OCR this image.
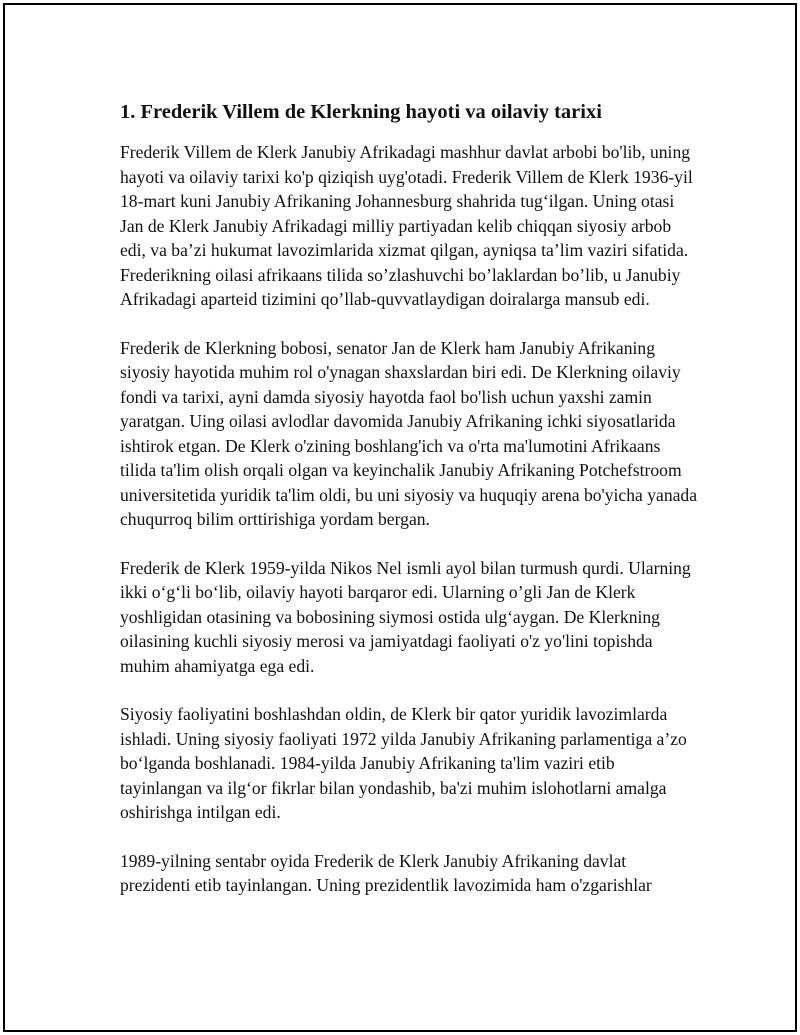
1. Frederik Villem de Klerkning hayoti va oilaviy tarixi

Frederik Villem de Klerk Janubiy Afrikadagi mashhur davlat arbobi bo'lib, uning hayoti va oilaviy tarixi ko'p qiziqish uyg'otadi. Frederik Villem de Klerk 1936-yil 18-mart kuni Janubiy Afrikaning Johannesburg shahrida tug‘ilgan. Uning otasi Jan de Klerk Janubiy Afrikadagi milliy partiyadan kelib chiqqan siyosiy arbob edi, va ba’zi hukumat lavozimlarida xizmat qilgan, ayniqsa ta’lim vaziri sifatida. Frederikning oilasi afrikaans tilida so’zlashuvchi bo’laklardan bo’lib, u Janubiy Afrikadagi aparteid tizimini qo’llab-quvvatlaydigan doiralarga mansub edi.

Frederik de Klerkning bobosi, senator Jan de Klerk ham Janubiy Afrikaning siyosiy hayotida muhim rol o'ynagan shaxslardan biri edi. De Klerkning oilaviy fondi va tarixi, ayni damda siyosiy hayotda faol bo'lish uchun yaxshi zamin yaratgan. Uing oilasi avlodlar davomida Janubiy Afrikaning ichki siyosatlarida ishtirok etgan. De Klerk o'zining boshlang'ich va o'rta ma'lumotini Afrikaans tilida ta'lim olish orqali olgan va keyinchalik Janubiy Afrikaning Potchefstroom universitetida yuridik ta'lim oldi, bu uni siyosiy va huquqiy arena bo'yicha yanada chuqurroq bilim orttirishiga yordam bergan.

Frederik de Klerk 1959-yilda Nikos Nel ismli ayol bilan turmush qurdi. Ularning ikki o‘g‘li bo‘lib, oilaviy hayoti barqaror edi. Ularning o’gli Jan de Klerk yoshligidan otasining va bobosining siymosi ostida ulg‘aygan. De Klerkning oilasining kuchli siyosiy merosi va jamiyatdagi faoliyati o'z yo'lini topishda muhim ahamiyatga ega edi.

Siyosiy faoliyatini boshlashdan oldin, de Klerk bir qator yuridik lavozimlarda ishladi. Uning siyosiy faoliyati 1972 yilda Janubiy Afrikaning parlamentiga a’zo bo‘lganda boshlanadi. 1984-yilda Janubiy Afrikaning ta'lim vaziri etib tayinlangan va ilg‘or fikrlar bilan yondashib, ba'zi muhim islohotlarni amalga oshirishga intilgan edi.

1989-yilning sentabr oyida Frederik de Klerk Janubiy Afrikaning davlat prezidenti etib tayinlangan. Uning prezidentlik lavozimida ham o'zgarishlar
